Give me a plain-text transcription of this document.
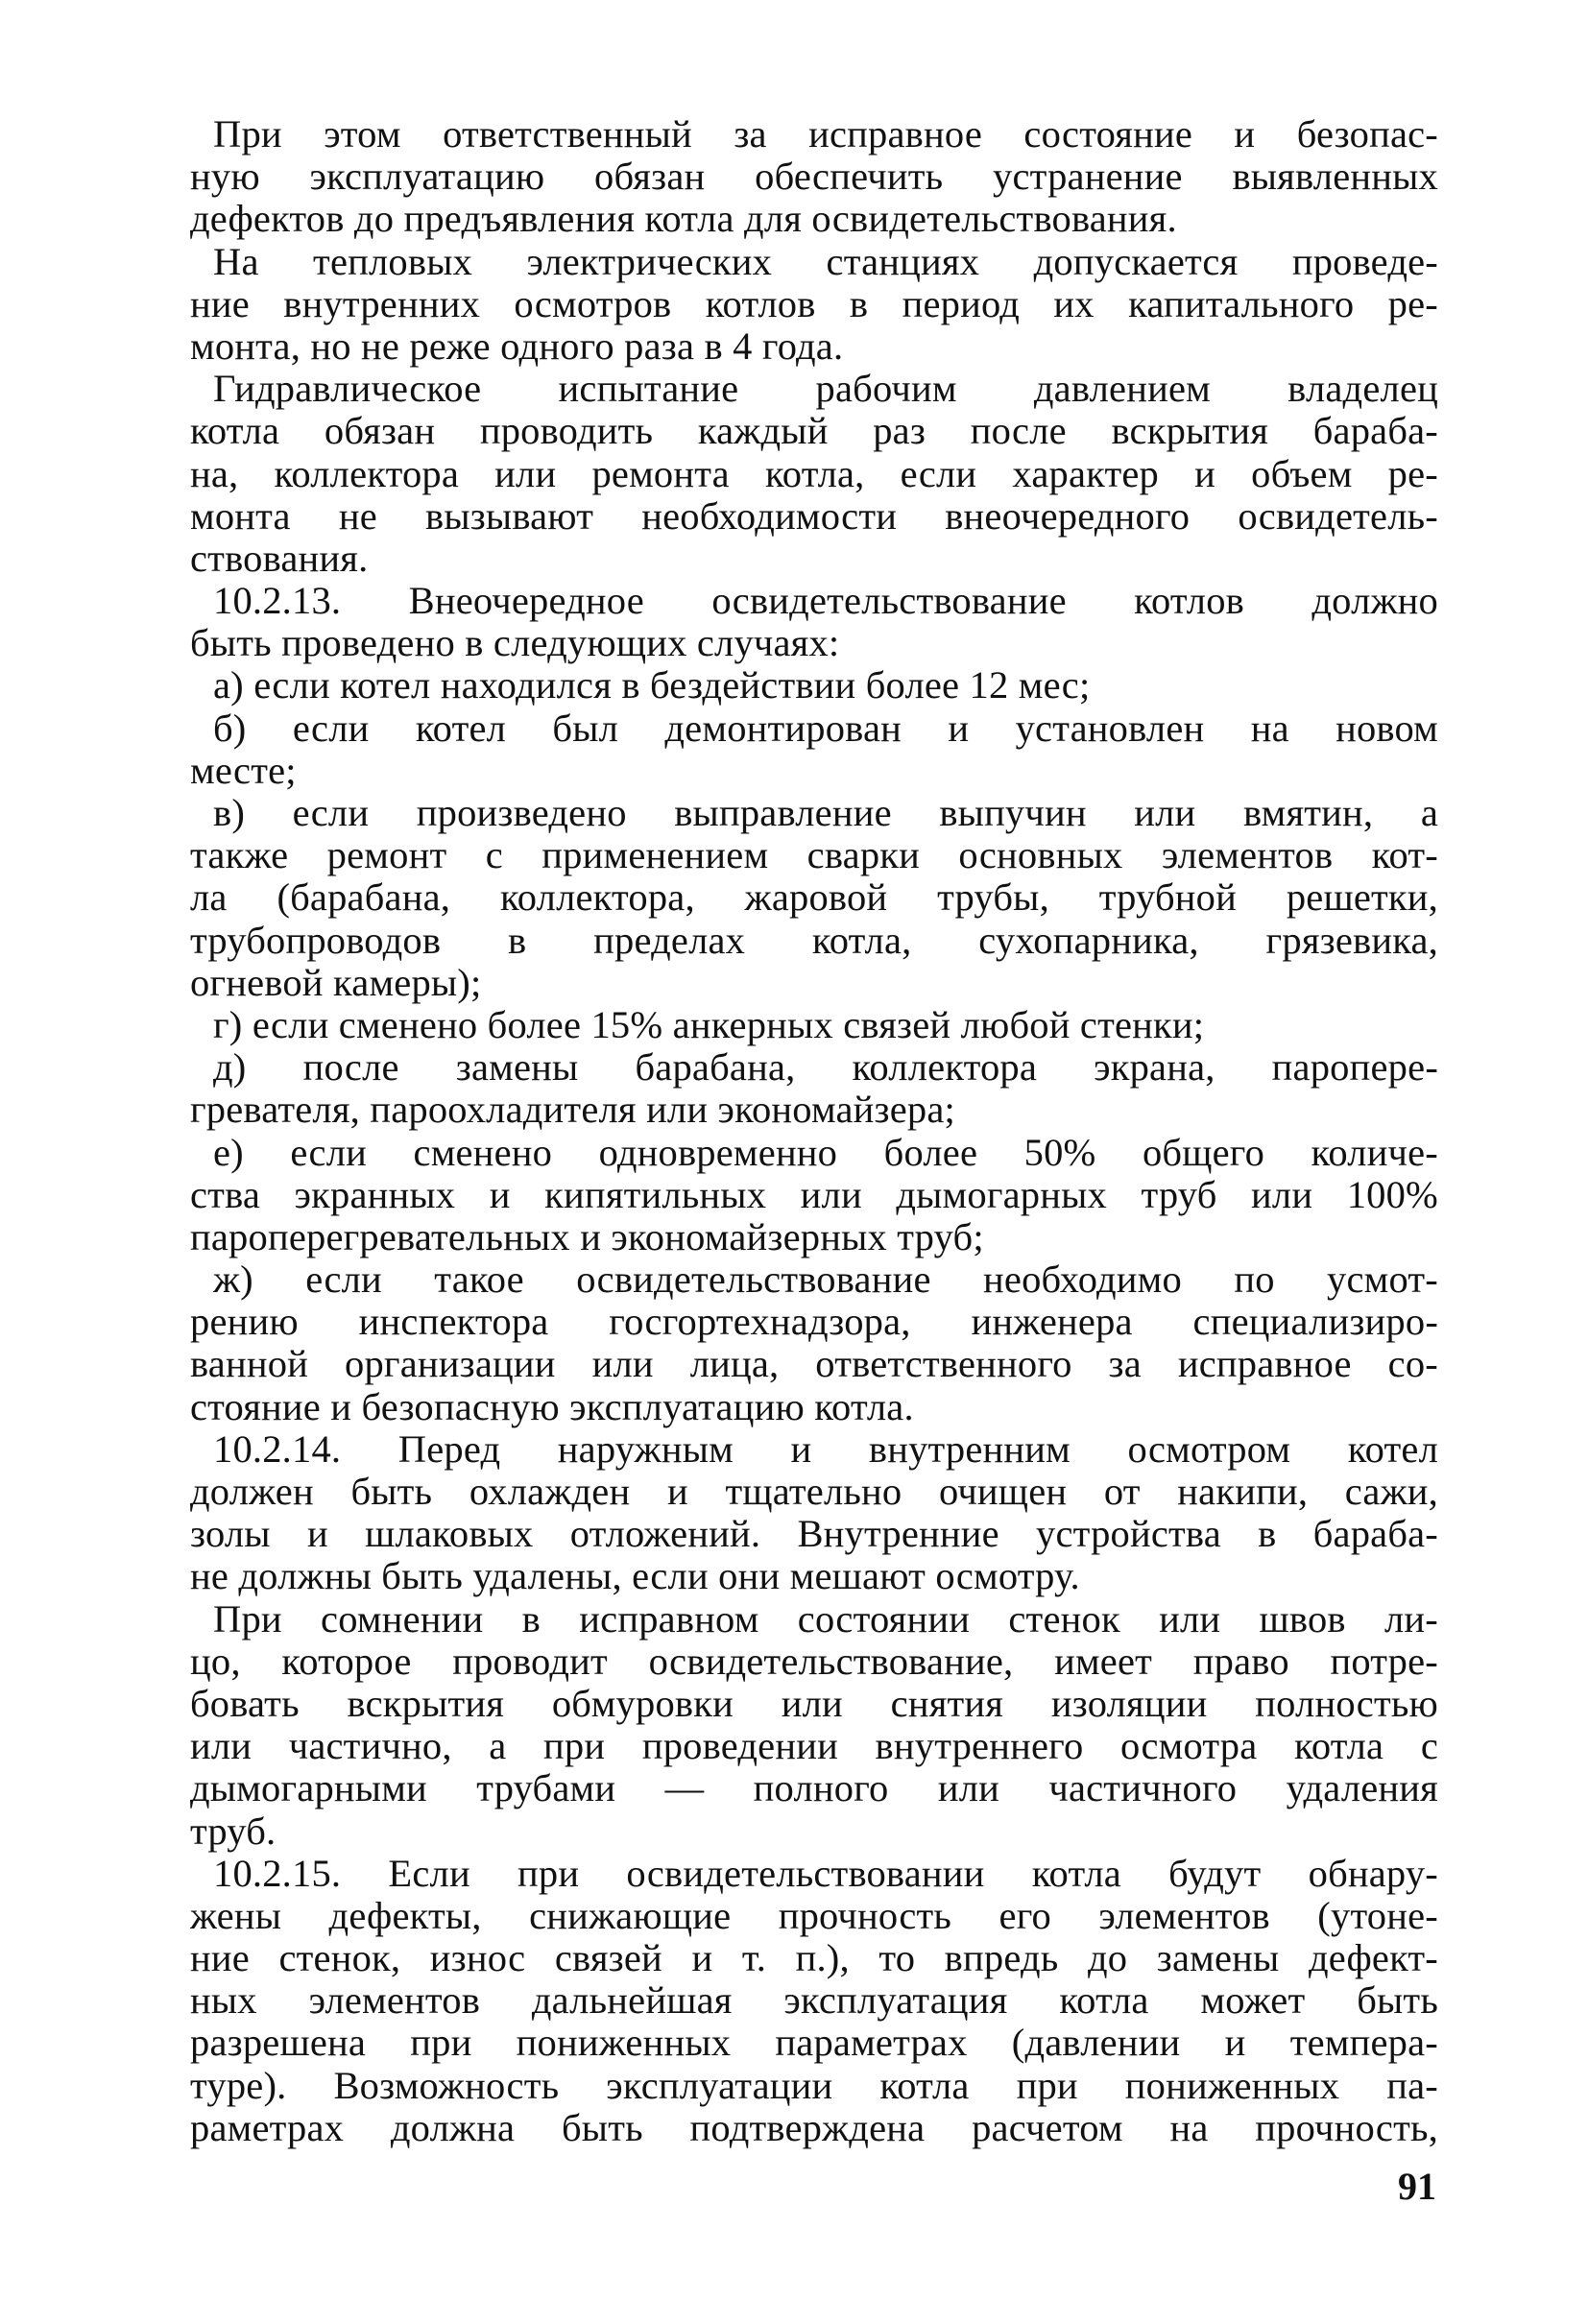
При этом ответственный за исправное состояние и безопас-
ную эксплуатацию обязан обеспечить устранение выявленных
дефектов до предъявления котла для освидетельствования.
На тепловых электрических станциях допускается проведе-
ние внутренних осмотров котлов в период их капитального ре-
монта, но не реже одного раза в 4 года.
Гидравлическое испытание рабочим давлением владелец
котла обязан проводить каждый раз после вскрытия бараба-
на, коллектора или ремонта котла, если характер и объем ре-
монта не вызывают необходимости внеочередного освидетель-
ствования.
10.2.13. Внеочередное освидетельствование котлов должно
быть проведено в следующих случаях:
а) если котел находился в бездействии более 12 мес;
б) если котел был демонтирован и установлен на новом
месте;
в) если произведено выправление выпучин или вмятин, а
также ремонт с применением сварки основных элементов кот-
ла (барабана, коллектора, жаровой трубы, трубной решетки,
трубопроводов в пределах котла, сухопарника, грязевика,
огневой камеры);
г) если сменено более 15% анкерных связей любой стенки;
д) после замены барабана, коллектора экрана, паропере-
гревателя, пароохладителя или экономайзера;
е) если сменено одновременно более 50% общего количе-
ства экранных и кипятильных или дымогарных труб или 100%
пароперегревательных и экономайзерных труб;
ж) если такое освидетельствование необходимо по усмот-
рению инспектора госгортехнадзора, инженера специализиро-
ванной организации или лица, ответственного за исправное со-
стояние и безопасную эксплуатацию котла.
10.2.14. Перед наружным и внутренним осмотром котел
должен быть охлажден и тщательно очищен от накипи, сажи,
золы и шлаковых отложений. Внутренние устройства в бараба-
не должны быть удалены, если они мешают осмотру.
При сомнении в исправном состоянии стенок или швов ли-
цо, которое проводит освидетельствование, имеет право потре-
бовать вскрытия обмуровки или снятия изоляции полностью
или частично, а при проведении внутреннего осмотра котла с
дымогарными трубами — полного или частичного удаления
труб.
10.2.15. Если при освидетельствовании котла будут обнару-
жены дефекты, снижающие прочность его элементов (утоне-
ние стенок, износ связей и т. п.), то впредь до замены дефект-
ных элементов дальнейшая эксплуатация котла может быть
разрешена при пониженных параметрах (давлении и темпера-
туре). Возможность эксплуатации котла при пониженных па-
раметрах должна быть подтверждена расчетом на прочность,
91
